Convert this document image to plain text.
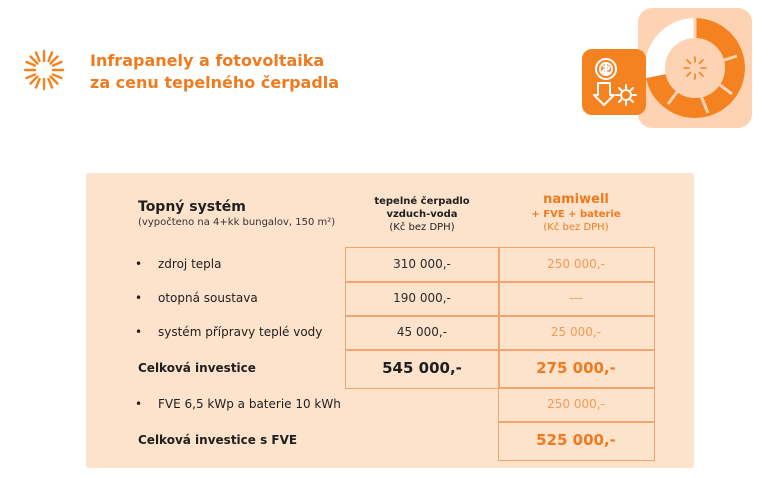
Infrapanely a fotovoltaika
za cenu tepelného čerpadla
Topný systém
(vypočteno na 4+kk bungalov, 150 m²)
tepelné čerpadlo
vzduch-voda
(Kč bez DPH)
namiwell
+ FVE + baterie
(Kč bez DPH)
• zdroj tepla
• otopná soustava
• systém přípravy teplé vody
Celková investice
• FVE 6,5 kWp a baterie 10 kWh
Celková investice s FVE
310 000,-
190 000,-
45 000,-
545 000,-
250 000,-
---
25 000,-
275 000,-
250 000,-
525 000,-
